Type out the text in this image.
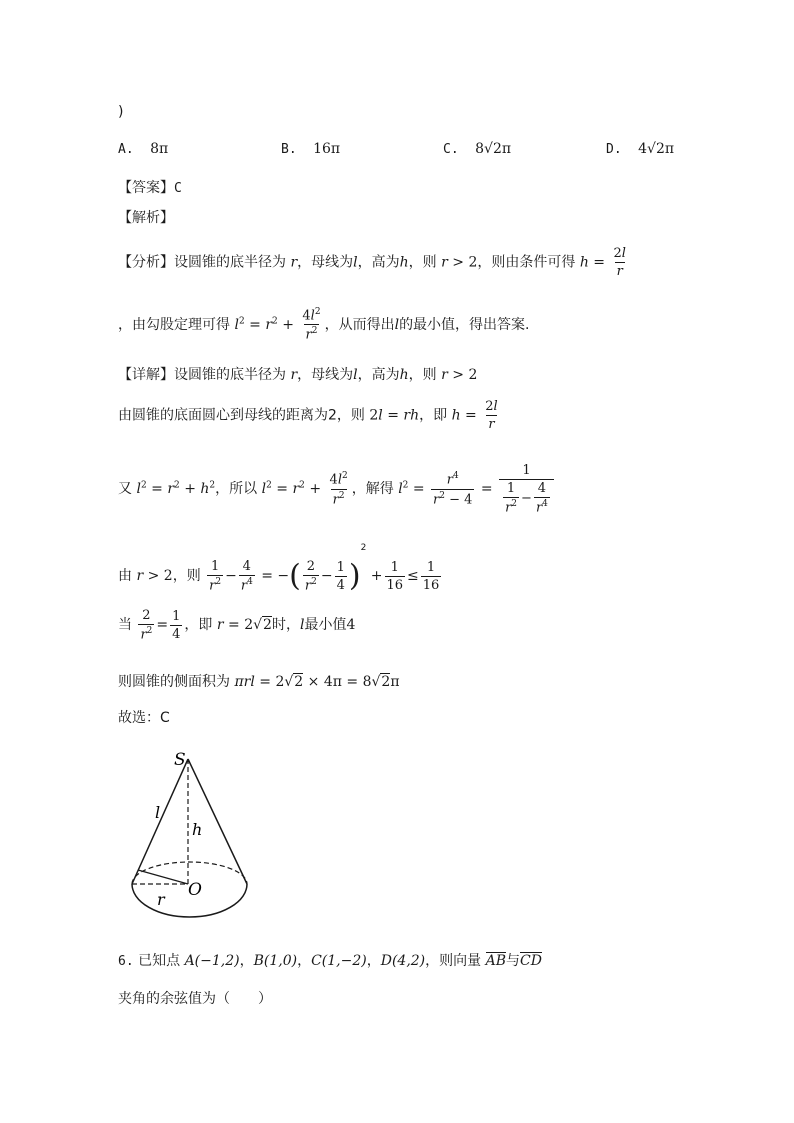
)
A. 8π	B. 16π	C. 8√2π	D. 4√2π
【答案】C
【解析】
【分析】设圆锥的底半径为 r，母线为l，高为h，则 r > 2，则由条件可得 $h = \frac{2l}{r}$
，由勾股定理可得 $l^2 = r^2 + \frac{4l^2}{r^2}$ ，从而得出l的最小值，得出答案.
【详解】设圆锥的底半径为 r，母线为l，高为h，则 r > 2
由圆锥的底面圆心到母线的距离为2，则 2l = rh，即 $h = \frac{2l}{r}$
又 $l^2 = r^2 + h^2$，所以 $l^2 = r^2 + \frac{4l^2}{r^2}$ ，解得 $l^2 = \frac{r^4}{r^2 - 4} = \frac{1}{\frac{1}{r^2} - \frac{4}{r^4}}$
由 r > 2，则 $\frac{1}{r^2} - \frac{4}{r^4}$ = −( $\frac{2}{r^2} - \frac{1}{4} )^2 + \frac{1}{16} \le \frac{1}{16}$
当 $\frac{2}{r^2} = \frac{1}{4}$ ，即 r = 2√2时，l最小值4
则圆锥的侧面积为 πrl = 2√2 × 4π = 8√2π
故选：C
S
l
h
O
r
6. 已知点 A(−1,2)，B(1,0)，C(1,−2)，D(4,2)，则向量 AB与CD
夹角的余弦值为（　　）
